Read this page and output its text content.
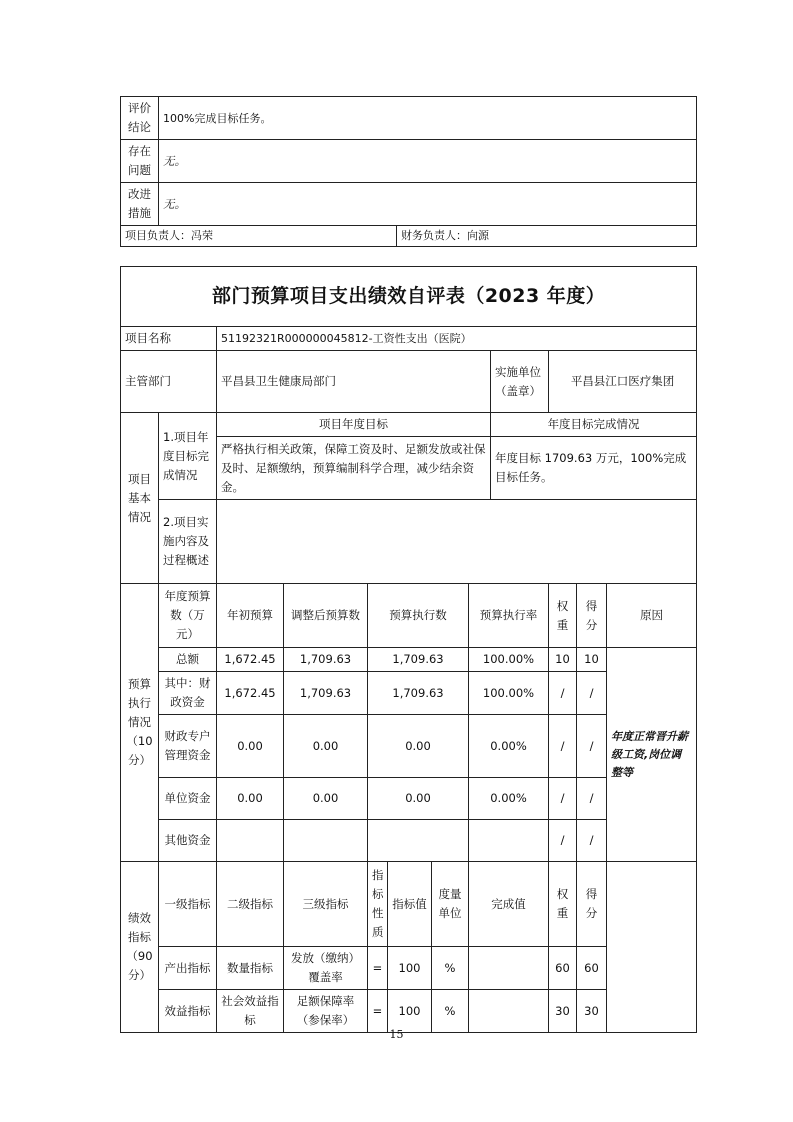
评价结论	100%完成目标任务。	
存在问题	无。	
改进措施	无。	
项目负责人：冯荣		财务负责人：向源
部门预算项目支出绩效自评表（2023 年度）											
项目名称		51192321R000000045812-工资性支出（医院）									
主管部门		平昌县卫生健康局部门						实施单位（盖章）	平昌县江口医疗集团		
项目基本情况	1.项目年度目标完成情况	项目年度目标						年度目标完成情况			
		严格执行相关政策，保障工资及时、足额发放或社保及时、足额缴纳，预算编制科学合理，减少结余资金。						年度目标 1709.63 万元，100%完成目标任务。			
	2.项目实施内容及过程概述										

预算执行情况（10分）	年度预算数（万元）	年初预算	调整后预算数	预算执行数			预算执行率		权重	得分	原因
	总额	1,672.45	1,709.63	1,709.63			100.00%		10	10	年度正常晋升薪级工资,岗位调整等
	其中：财政资金	1,672.45	1,709.63	1,709.63			100.00%		/	/	
	财政专户管理资金	0.00	0.00	0.00			0.00%		/	/	
	单位资金	0.00	0.00	0.00			0.00%		/	/	
	其他资金								/	/	
绩效指标（90分）	一级指标	二级指标	三级指标	指标性质	指标值	度量单位	完成值		权重	得分	
	产出指标	数量指标	发放（缴纳）覆盖率	=	100	%			60	60	
	效益指标	社会效益指标	足额保障率（参保率）	=	100	%			30	30	
15
